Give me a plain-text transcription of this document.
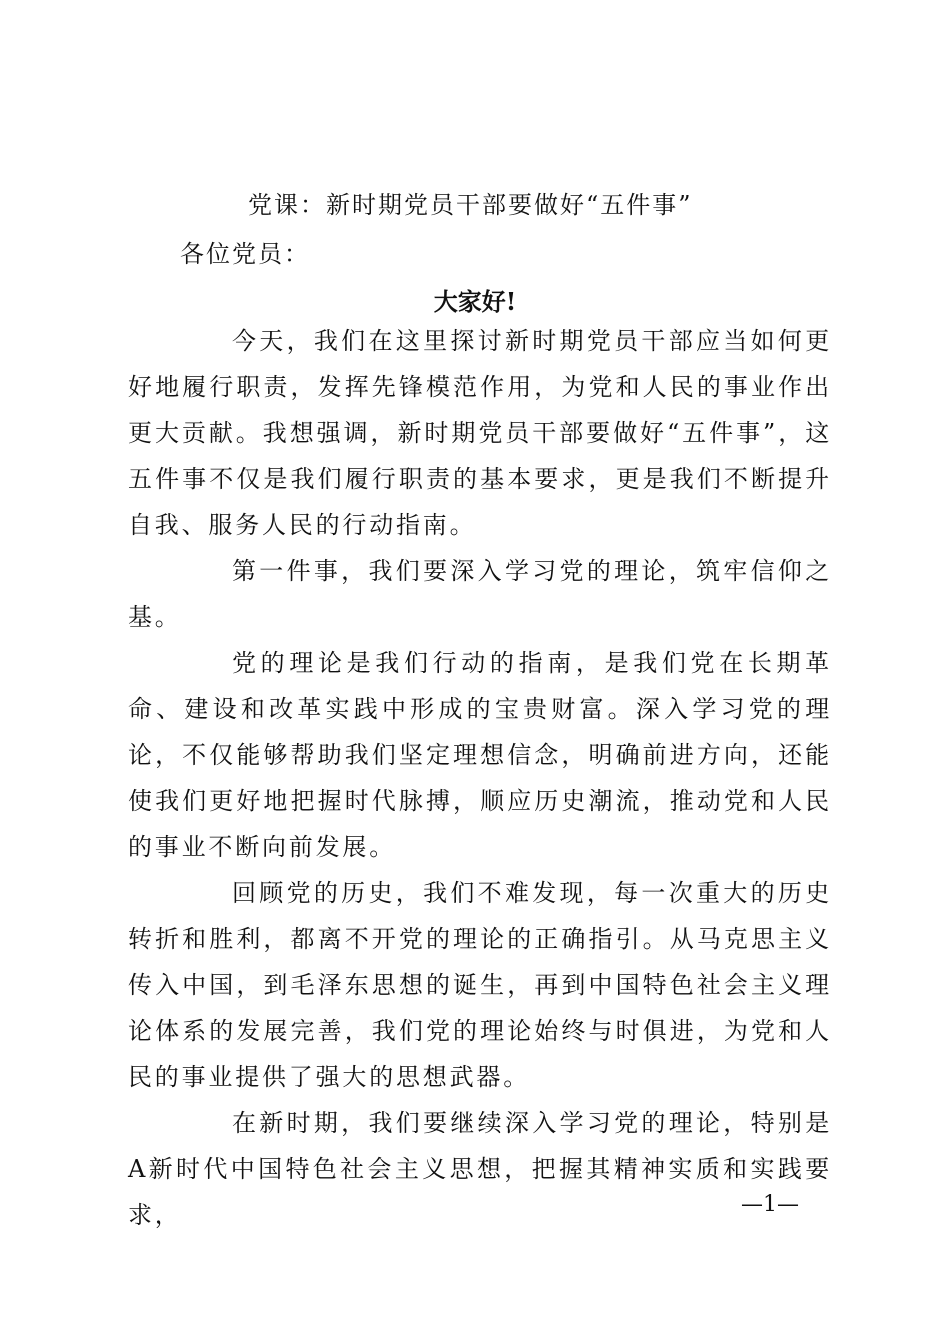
党课：新时期党员干部要做好“五件事”
各位党员：
大家好!

今天，我们在这里探讨新时期党员干部应当如何更好地履行职责，发挥先锋模范作用，为党和人民的事业作出更大贡献。我想强调，新时期党员干部要做好“五件事”，这五件事不仅是我们履行职责的基本要求，更是我们不断提升自我、服务人民的行动指南。

第一件事，我们要深入学习党的理论，筑牢信仰之基。

党的理论是我们行动的指南，是我们党在长期革命、建设和改革实践中形成的宝贵财富。深入学习党的理论，不仅能够帮助我们坚定理想信念，明确前进方向，还能使我们更好地把握时代脉搏，顺应历史潮流，推动党和人民的事业不断向前发展。

回顾党的历史，我们不难发现，每一次重大的历史转折和胜利，都离不开党的理论的正确指引。从马克思主义传入中国，到毛泽东思想的诞生，再到中国特色社会主义理论体系的发展完善，我们党的理论始终与时俱进，为党和人民的事业提供了强大的思想武器。

在新时期，我们要继续深入学习党的理论，特别是A新时代中国特色社会主义思想，把握其精神实质和实践要求，	—1—
